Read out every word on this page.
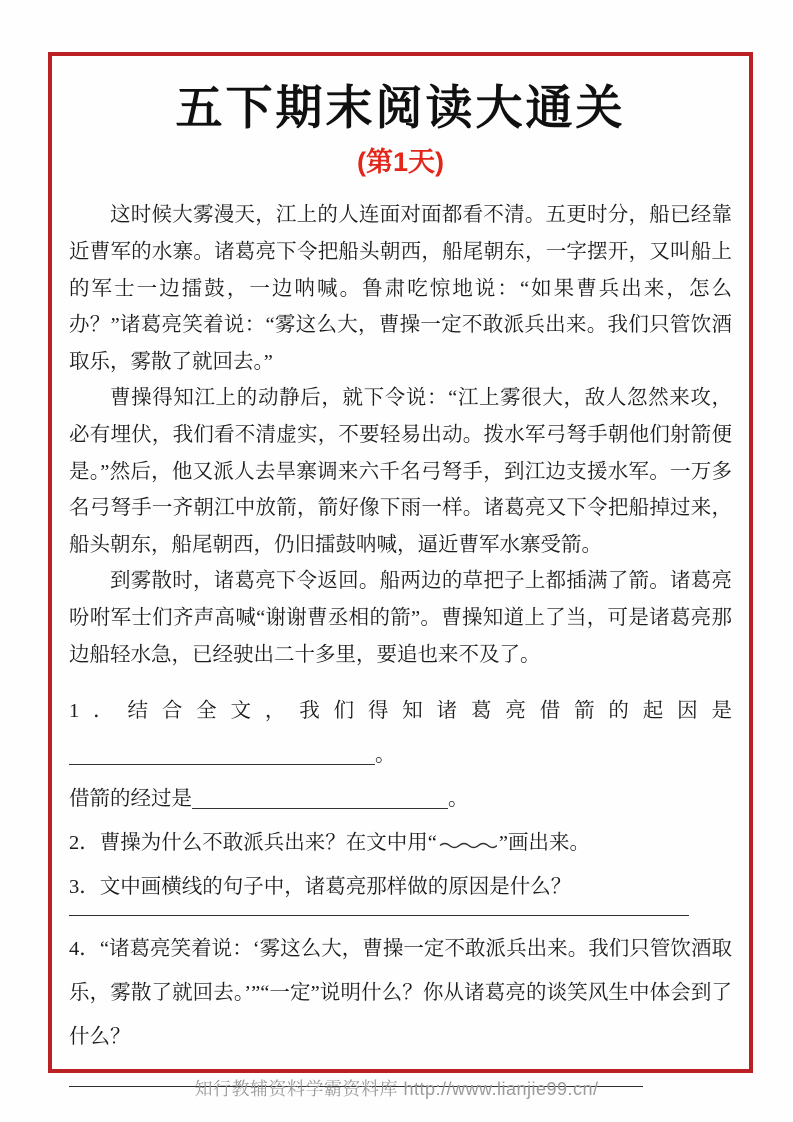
五下期末阅读大通关
(第1天)

这时候大雾漫天，江上的人连面对面都看不清。五更时分，船已经靠近曹军的水寨。诸葛亮下令把船头朝西，船尾朝东，一字摆开，又叫船上的军士一边擂鼓，一边呐喊。鲁肃吃惊地说：“如果曹兵出来，怎么办？”诸葛亮笑着说：“雾这么大，曹操一定不敢派兵出来。我们只管饮酒取乐，雾散了就回去。”

曹操得知江上的动静后，就下令说：“江上雾很大，敌人忽然来攻，必有埋伏，我们看不清虚实，不要轻易出动。拨水军弓弩手朝他们射箭便是。”然后，他又派人去旱寨调来六千名弓弩手，到江边支援水军。一万多名弓弩手一齐朝江中放箭，箭好像下雨一样。诸葛亮又下令把船掉过来，船头朝东，船尾朝西，仍旧擂鼓呐喊，逼近曹军水寨受箭。

到雾散时，诸葛亮下令返回。船两边的草把子上都插满了箭。诸葛亮吩咐军士们齐声高喊“谢谢曹丞相的箭”。曹操知道上了当，可是诸葛亮那边船轻水急，已经驶出二十多里，要追也来不及了。

1．结合全文，我们得知诸葛亮借箭的起因是。
借箭的经过是	。
2．曹操为什么不敢派兵出来？在文中用“	”画出来。
3．文中画横线的句子中，诸葛亮那样做的原因是什么？
4．“诸葛亮笑着说：‘雾这么大，曹操一定不敢派兵出来。我们只管饮酒取乐，雾散了就回去。’”“一定”说明什么？你从诸葛亮的谈笑风生中体会到了什么？
知行教辅资料学霸资料库 http://www.lianjie99.cn/
